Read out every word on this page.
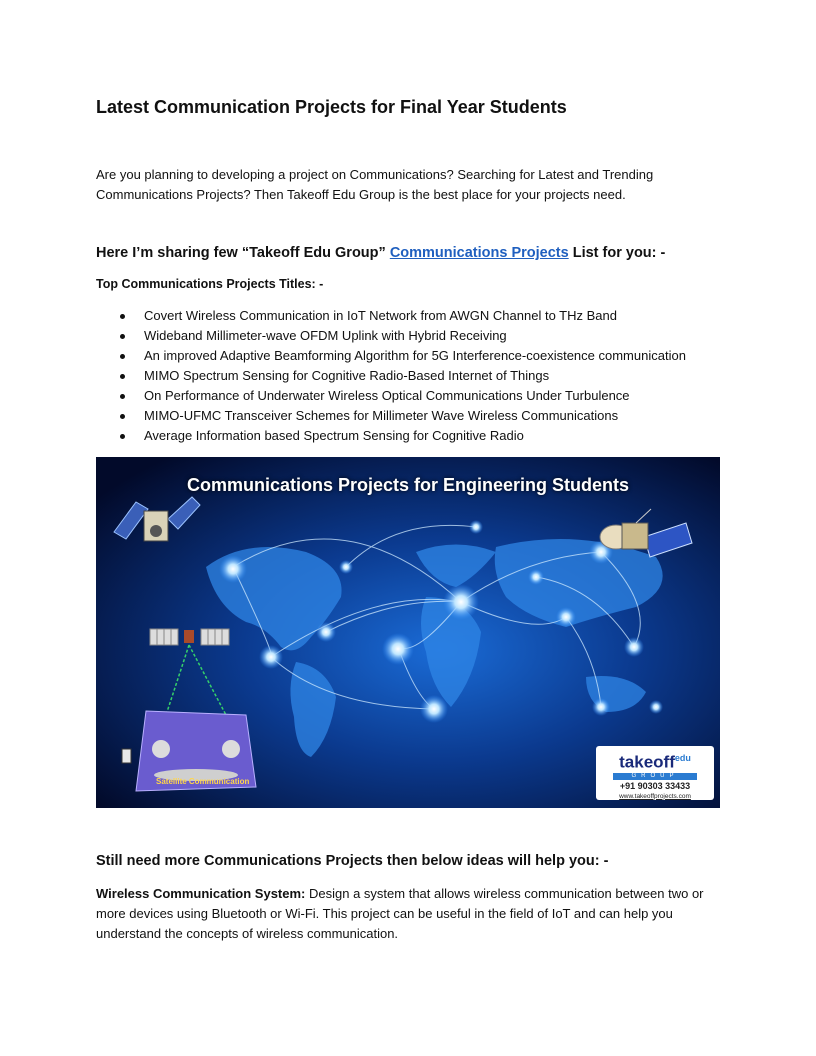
Latest Communication Projects for Final Year Students

Are you planning to developing a project on Communications? Searching for Latest and Trending Communications Projects? Then Takeoff Edu Group is the best place for your projects need.

Here I’m sharing few “Takeoff Edu Group” Communications Projects List for you: -

Top Communications Projects Titles: -

Covert Wireless Communication in IoT Network from AWGN Channel to THz Band
Wideband Millimeter-wave OFDM Uplink with Hybrid Receiving
An improved Adaptive Beamforming Algorithm for 5G Interference-coexistence communication
MIMO Spectrum Sensing for Cognitive Radio-Based Internet of Things
On Performance of Underwater Wireless Optical Communications Under Turbulence
MIMO-UFMC Transceiver Schemes for Millimeter Wave Wireless Communications
Average Information based Spectrum Sensing for Cognitive Radio
Communications Projects for Engineering Students
Satellite Communication
takeoff$^{edu}$
GROUP
+91 90303 33433
www.takeoffprojects.com

Still need more Communications Projects then below ideas will help you: -

Wireless Communication System: Design a system that allows wireless communication between two or more devices using Bluetooth or Wi-Fi. This project can be useful in the field of IoT and can help you understand the concepts of wireless communication.
